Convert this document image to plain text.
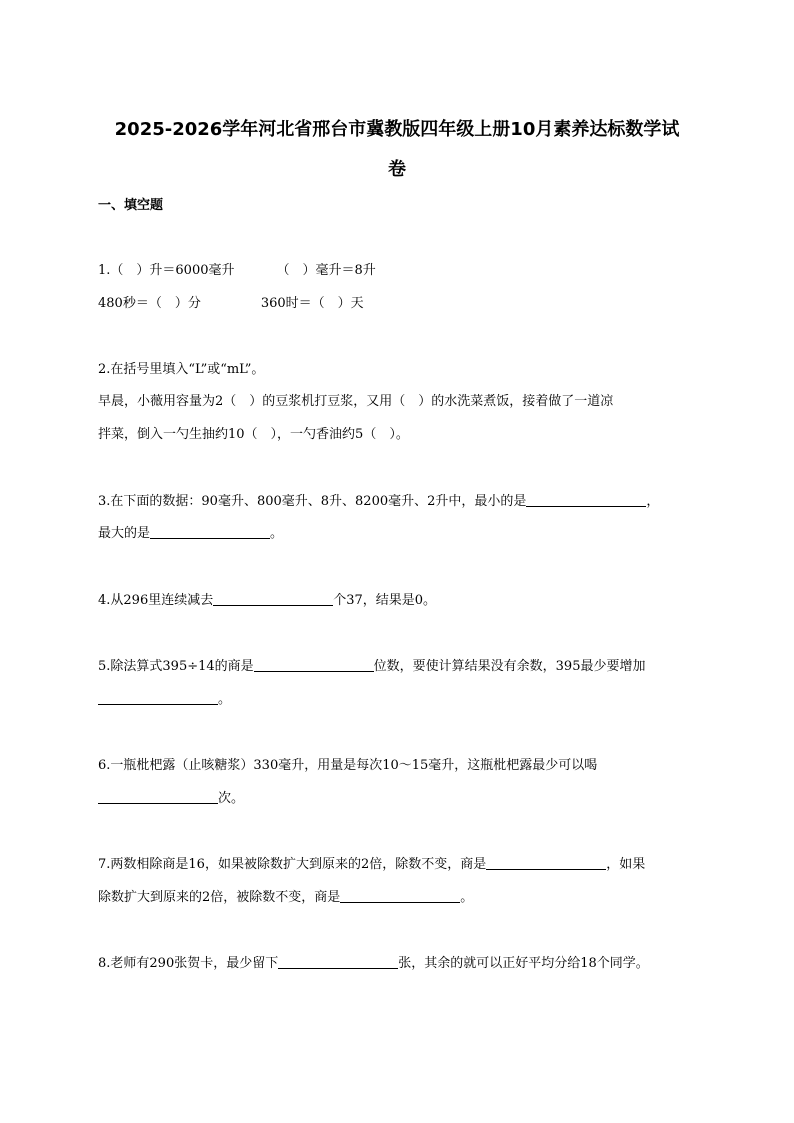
2025-2026学年河北省邢台市冀教版四年级上册10月素养达标数学试
卷
一、填空题
1.（　）升＝6000毫升	（　）毫升＝8升
480秒＝（　）分	360时＝（　）天
2.在括号里填入“L”或“mL”。
早晨，小薇用容量为2（　）的豆浆机打豆浆，又用（　）的水洗菜煮饭，接着做了一道凉
拌菜，倒入一勺生抽约10（　），一勺香油约5（　）。
3.在下面的数据：90毫升、800毫升、8升、8200毫升、2升中，最小的是	，
最大的是	。
4.从296里连续减去	个37，结果是0。
5.除法算式395÷14的商是	位数，要使计算结果没有余数，395最少要增加
。
6.一瓶枇杷露（止咳糖浆）330毫升，用量是每次10～15毫升，这瓶枇杷露最少可以喝
次。
7.两数相除商是16，如果被除数扩大到原来的2倍，除数不变，商是	，如果
除数扩大到原来的2倍，被除数不变，商是	。
8.老师有290张贺卡，最少留下	张，其余的就可以正好平均分给18个同学。
